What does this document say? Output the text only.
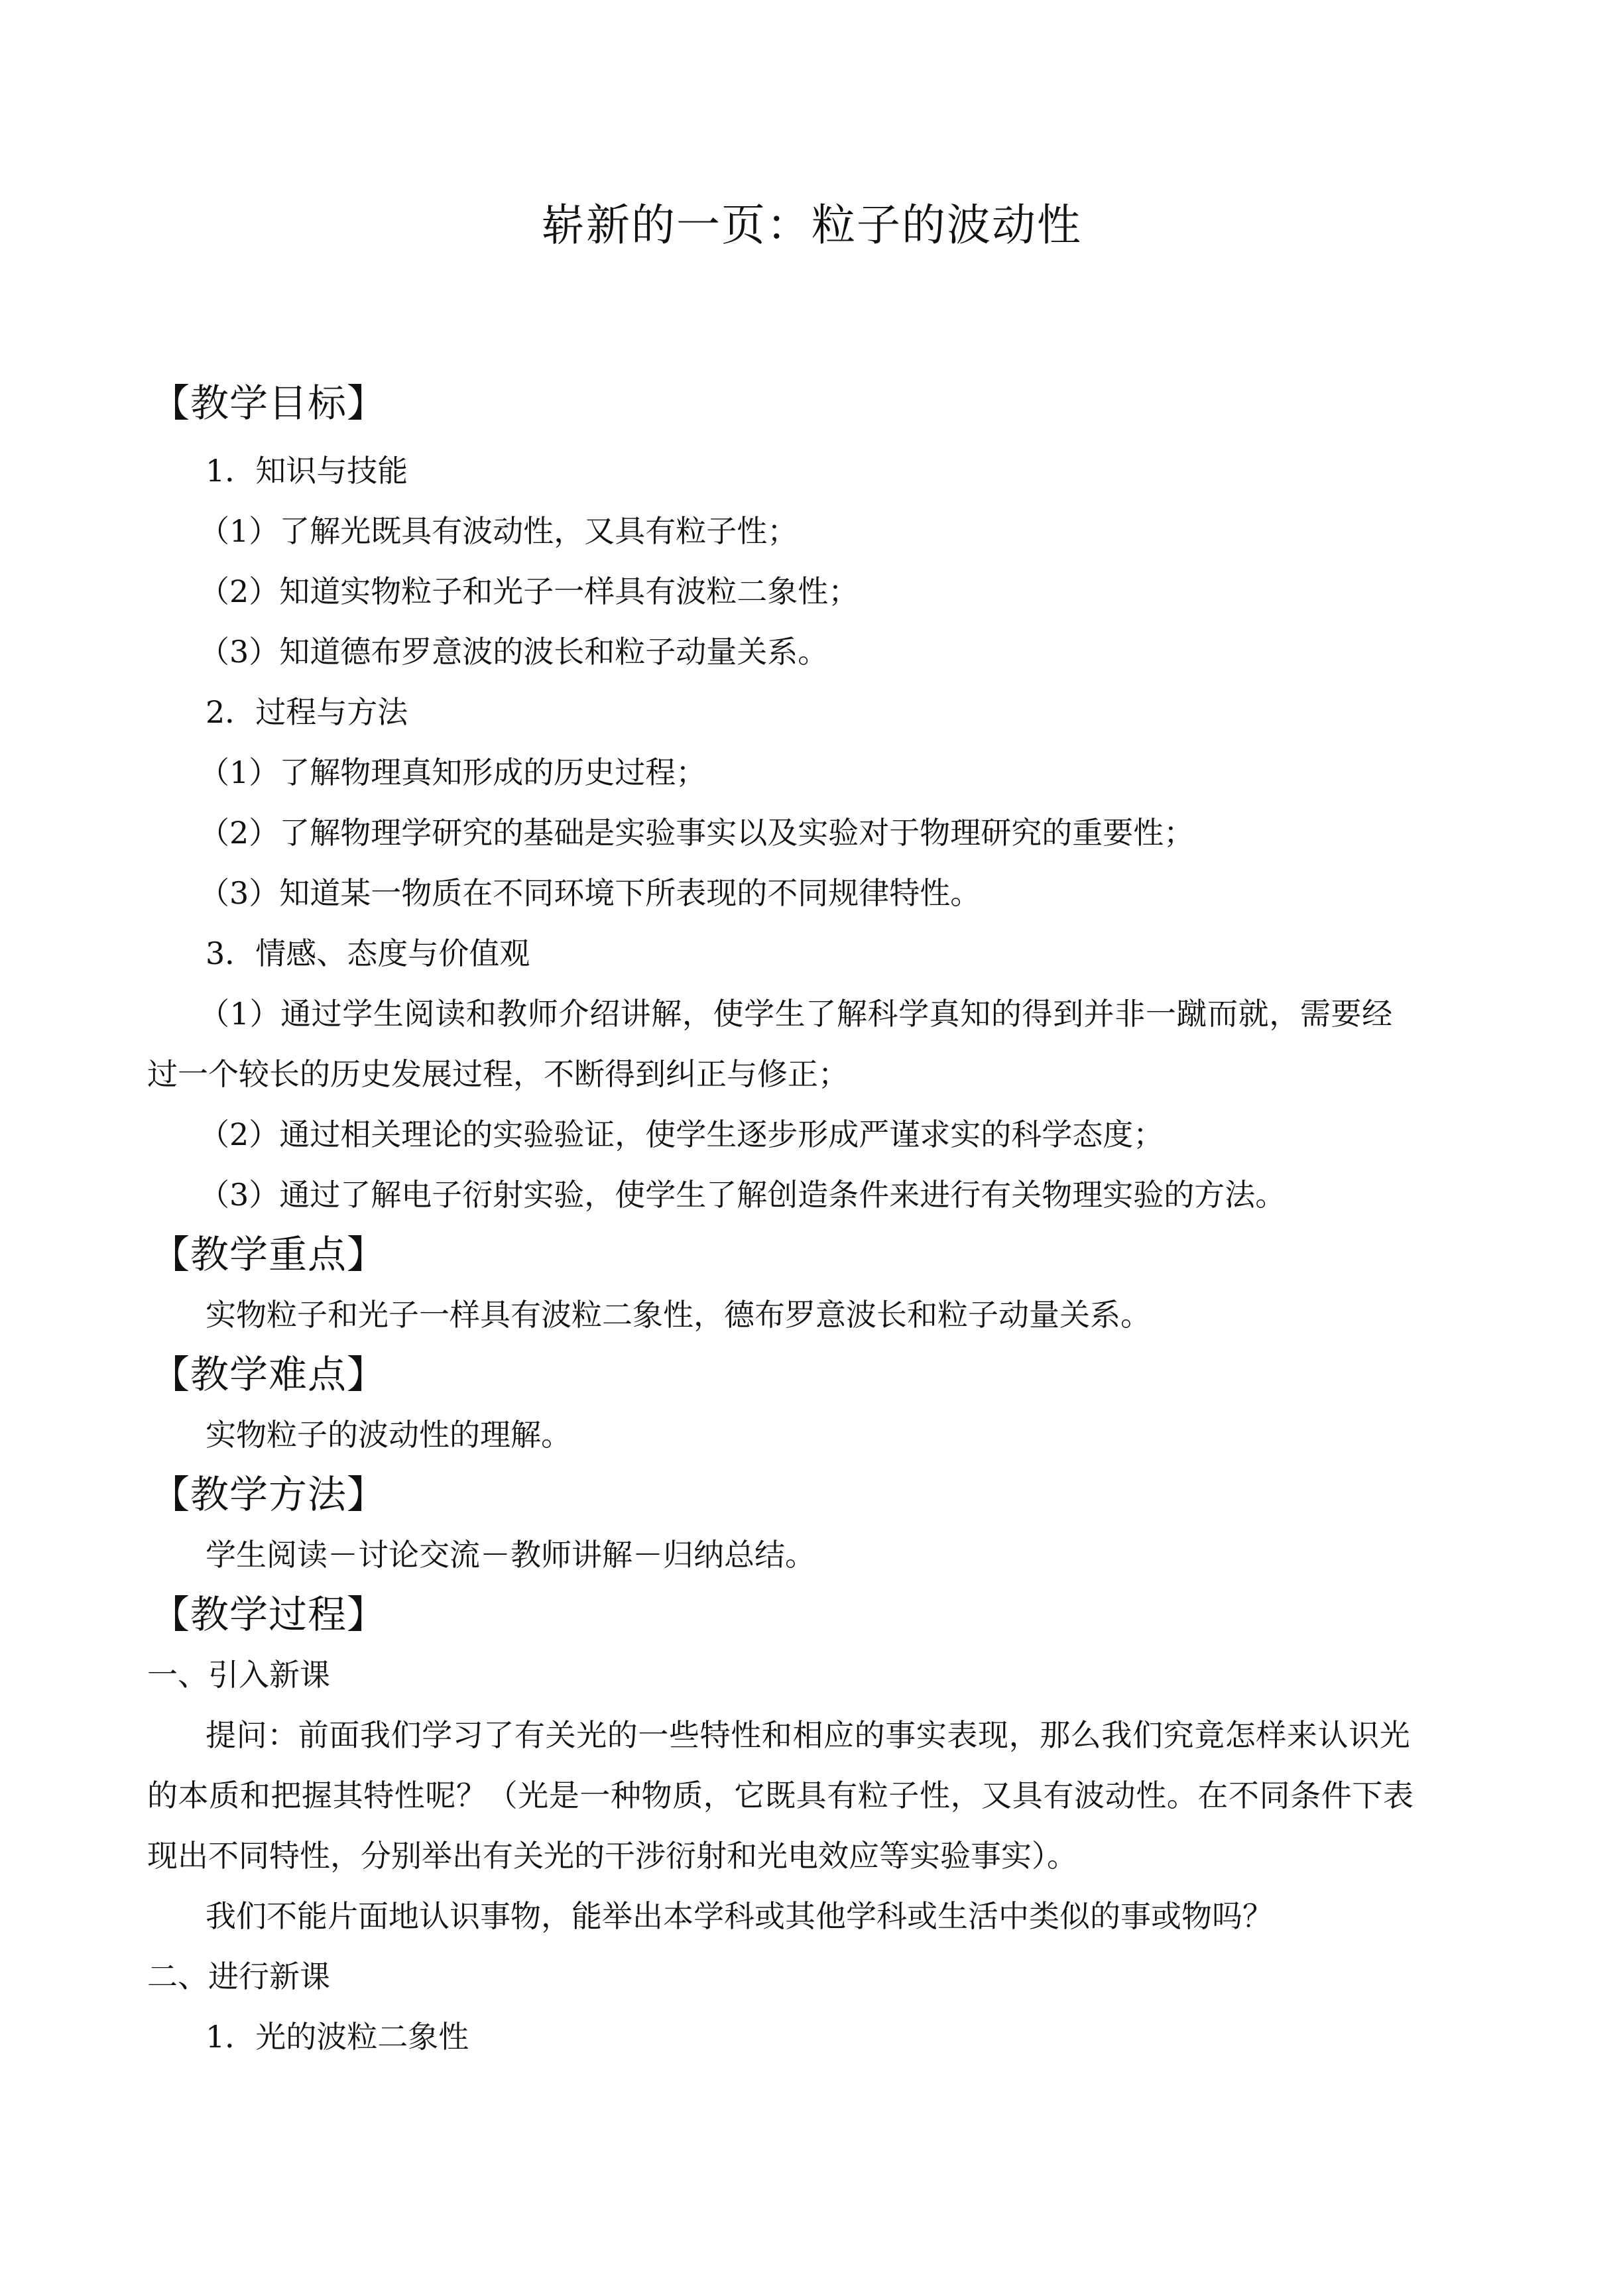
崭新的一页：粒子的波动性
【教学目标】
1．知识与技能
（1）了解光既具有波动性，又具有粒子性；
（2）知道实物粒子和光子一样具有波粒二象性；
（3）知道德布罗意波的波长和粒子动量关系。
2．过程与方法
（1）了解物理真知形成的历史过程；
（2）了解物理学研究的基础是实验事实以及实验对于物理研究的重要性；
（3）知道某一物质在不同环境下所表现的不同规律特性。
3．情感、态度与价值观
（1）通过学生阅读和教师介绍讲解，使学生了解科学真知的得到并非一蹴而就，需要经
过一个较长的历史发展过程，不断得到纠正与修正；
（2）通过相关理论的实验验证，使学生逐步形成严谨求实的科学态度；
（3）通过了解电子衍射实验，使学生了解创造条件来进行有关物理实验的方法。
【教学重点】
实物粒子和光子一样具有波粒二象性，德布罗意波长和粒子动量关系。
【教学难点】
实物粒子的波动性的理解。
【教学方法】
学生阅读－讨论交流－教师讲解－归纳总结。
【教学过程】
一、引入新课
提问：前面我们学习了有关光的一些特性和相应的事实表现，那么我们究竟怎样来认识光
的本质和把握其特性呢？（光是一种物质，它既具有粒子性，又具有波动性。在不同条件下表
现出不同特性，分别举出有关光的干涉衍射和光电效应等实验事实）。
我们不能片面地认识事物，能举出本学科或其他学科或生活中类似的事或物吗？
二、进行新课
1．光的波粒二象性
